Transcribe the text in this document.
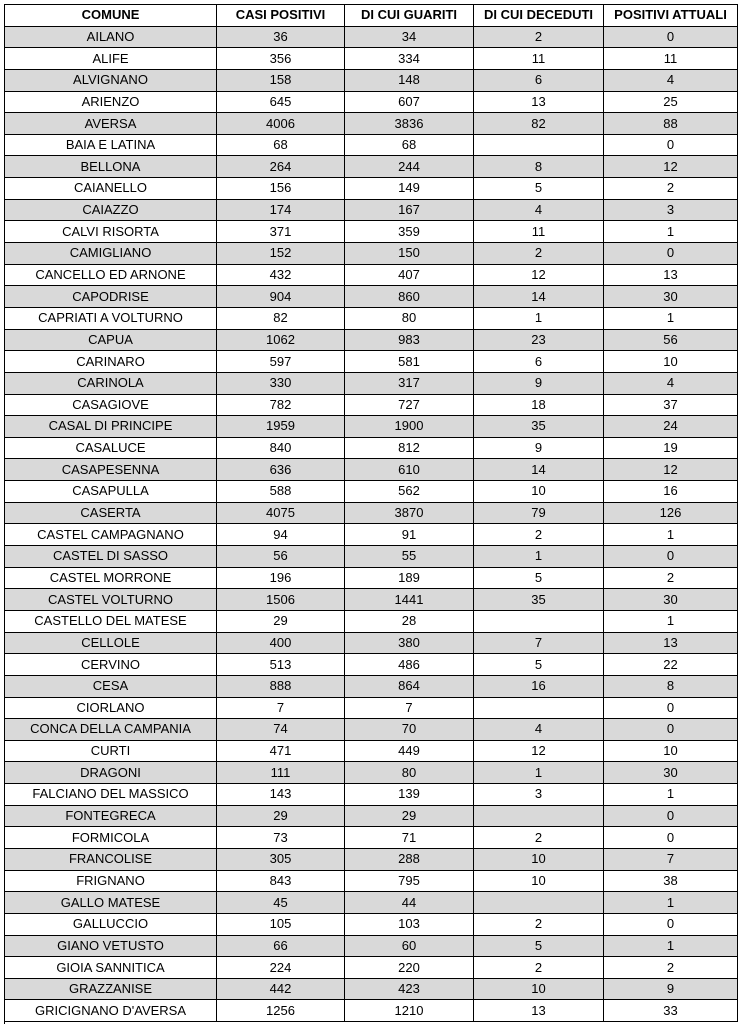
COMUNE	CASI POSITIVI	DI CUI GUARITI	DI CUI DECEDUTI	POSITIVI ATTUALI
AILANO	36	34	2	0
ALIFE	356	334	11	11
ALVIGNANO	158	148	6	4
ARIENZO	645	607	13	25
AVERSA	4006	3836	82	88
BAIA E LATINA	68	68		0
BELLONA	264	244	8	12
CAIANELLO	156	149	5	2
CAIAZZO	174	167	4	3
CALVI RISORTA	371	359	11	1
CAMIGLIANO	152	150	2	0
CANCELLO ED ARNONE	432	407	12	13
CAPODRISE	904	860	14	30
CAPRIATI A VOLTURNO	82	80	1	1
CAPUA	1062	983	23	56
CARINARO	597	581	6	10
CARINOLA	330	317	9	4
CASAGIOVE	782	727	18	37
CASAL DI PRINCIPE	1959	1900	35	24
CASALUCE	840	812	9	19
CASAPESENNA	636	610	14	12
CASAPULLA	588	562	10	16
CASERTA	4075	3870	79	126
CASTEL CAMPAGNANO	94	91	2	1
CASTEL DI SASSO	56	55	1	0
CASTEL MORRONE	196	189	5	2
CASTEL VOLTURNO	1506	1441	35	30
CASTELLO DEL MATESE	29	28		1
CELLOLE	400	380	7	13
CERVINO	513	486	5	22
CESA	888	864	16	8
CIORLANO	7	7		0
CONCA DELLA CAMPANIA	74	70	4	0
CURTI	471	449	12	10
DRAGONI	111	80	1	30
FALCIANO DEL MASSICO	143	139	3	1
FONTEGRECA	29	29		0
FORMICOLA	73	71	2	0
FRANCOLISE	305	288	10	7
FRIGNANO	843	795	10	38
GALLO MATESE	45	44		1
GALLUCCIO	105	103	2	0
GIANO VETUSTO	66	60	5	1
GIOIA SANNITICA	224	220	2	2
GRAZZANISE	442	423	10	9
GRICIGNANO D'AVERSA	1256	1210	13	33
